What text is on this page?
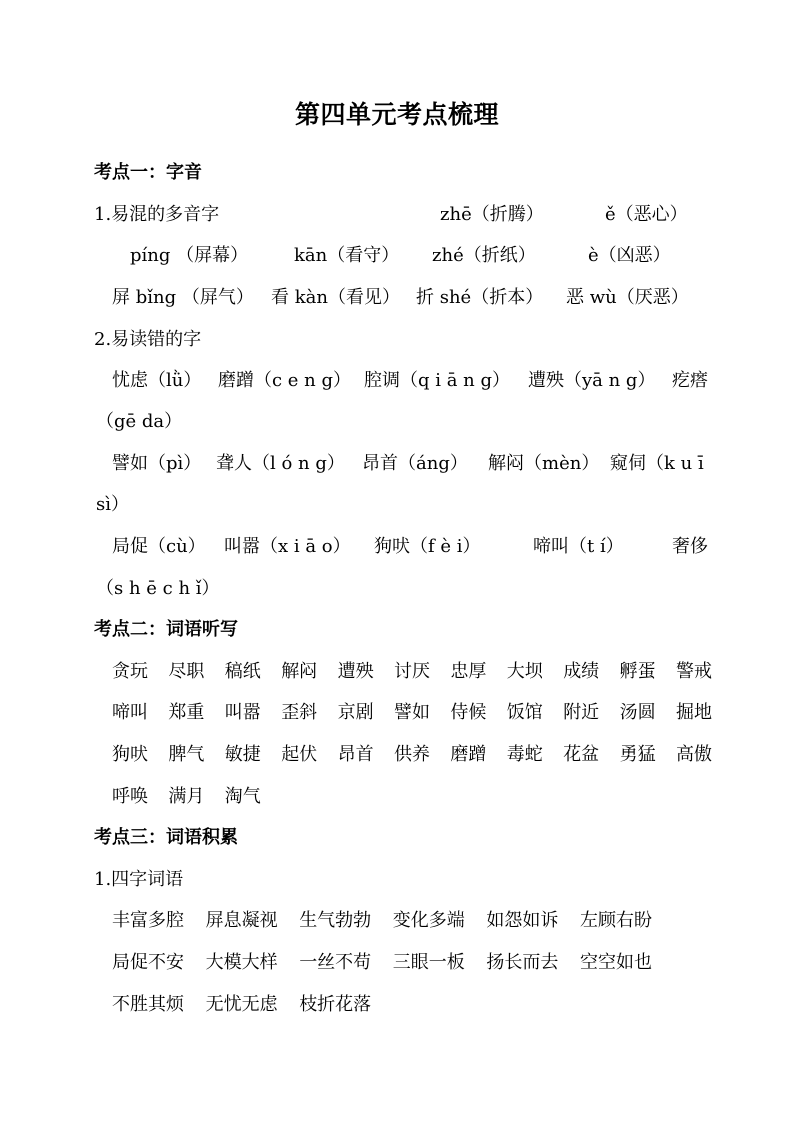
第四单元考点梳理
考点一：字音
1.易混的多音字	zhē（折腾）	ě（恶心）
píng （屏幕）	kān（看守） zhé（折纸）	è（凶恶）
屏 bǐng （屏气） 看 kàn（看见） 折 shé（折本） 恶 wù（厌恶）
2.易读错的字
忧虑（lǜ） 磨蹭（c e n g） 腔调（q i ā n g） 遭殃（yā n g） 疙瘩
（gē da）
譬如（pì） 聋人（l ó n g） 昂首（áng） 解闷（mèn） 窥伺（k u ī
sì）
局促（cù） 叫嚣（x i ā o） 狗吠（f è i）	啼叫（t í）	奢侈
（s h ē c h ǐ）
考点二：词语听写
贪玩 尽职 稿纸 解闷 遭殃 讨厌 忠厚 大坝 成绩 孵蛋 警戒
啼叫 郑重 叫嚣 歪斜 京剧 譬如 侍候 饭馆 附近 汤圆 掘地
狗吠 脾气 敏捷 起伏 昂首 供养 磨蹭 毒蛇 花盆 勇猛 高傲
呼唤 满月 淘气
考点三：词语积累
1.四字词语
丰富多腔 屏息凝视 生气勃勃 变化多端 如怨如诉 左顾右盼
局促不安 大模大样 一丝不苟 三眼一板 扬长而去 空空如也
不胜其烦 无忧无虑 枝折花落
